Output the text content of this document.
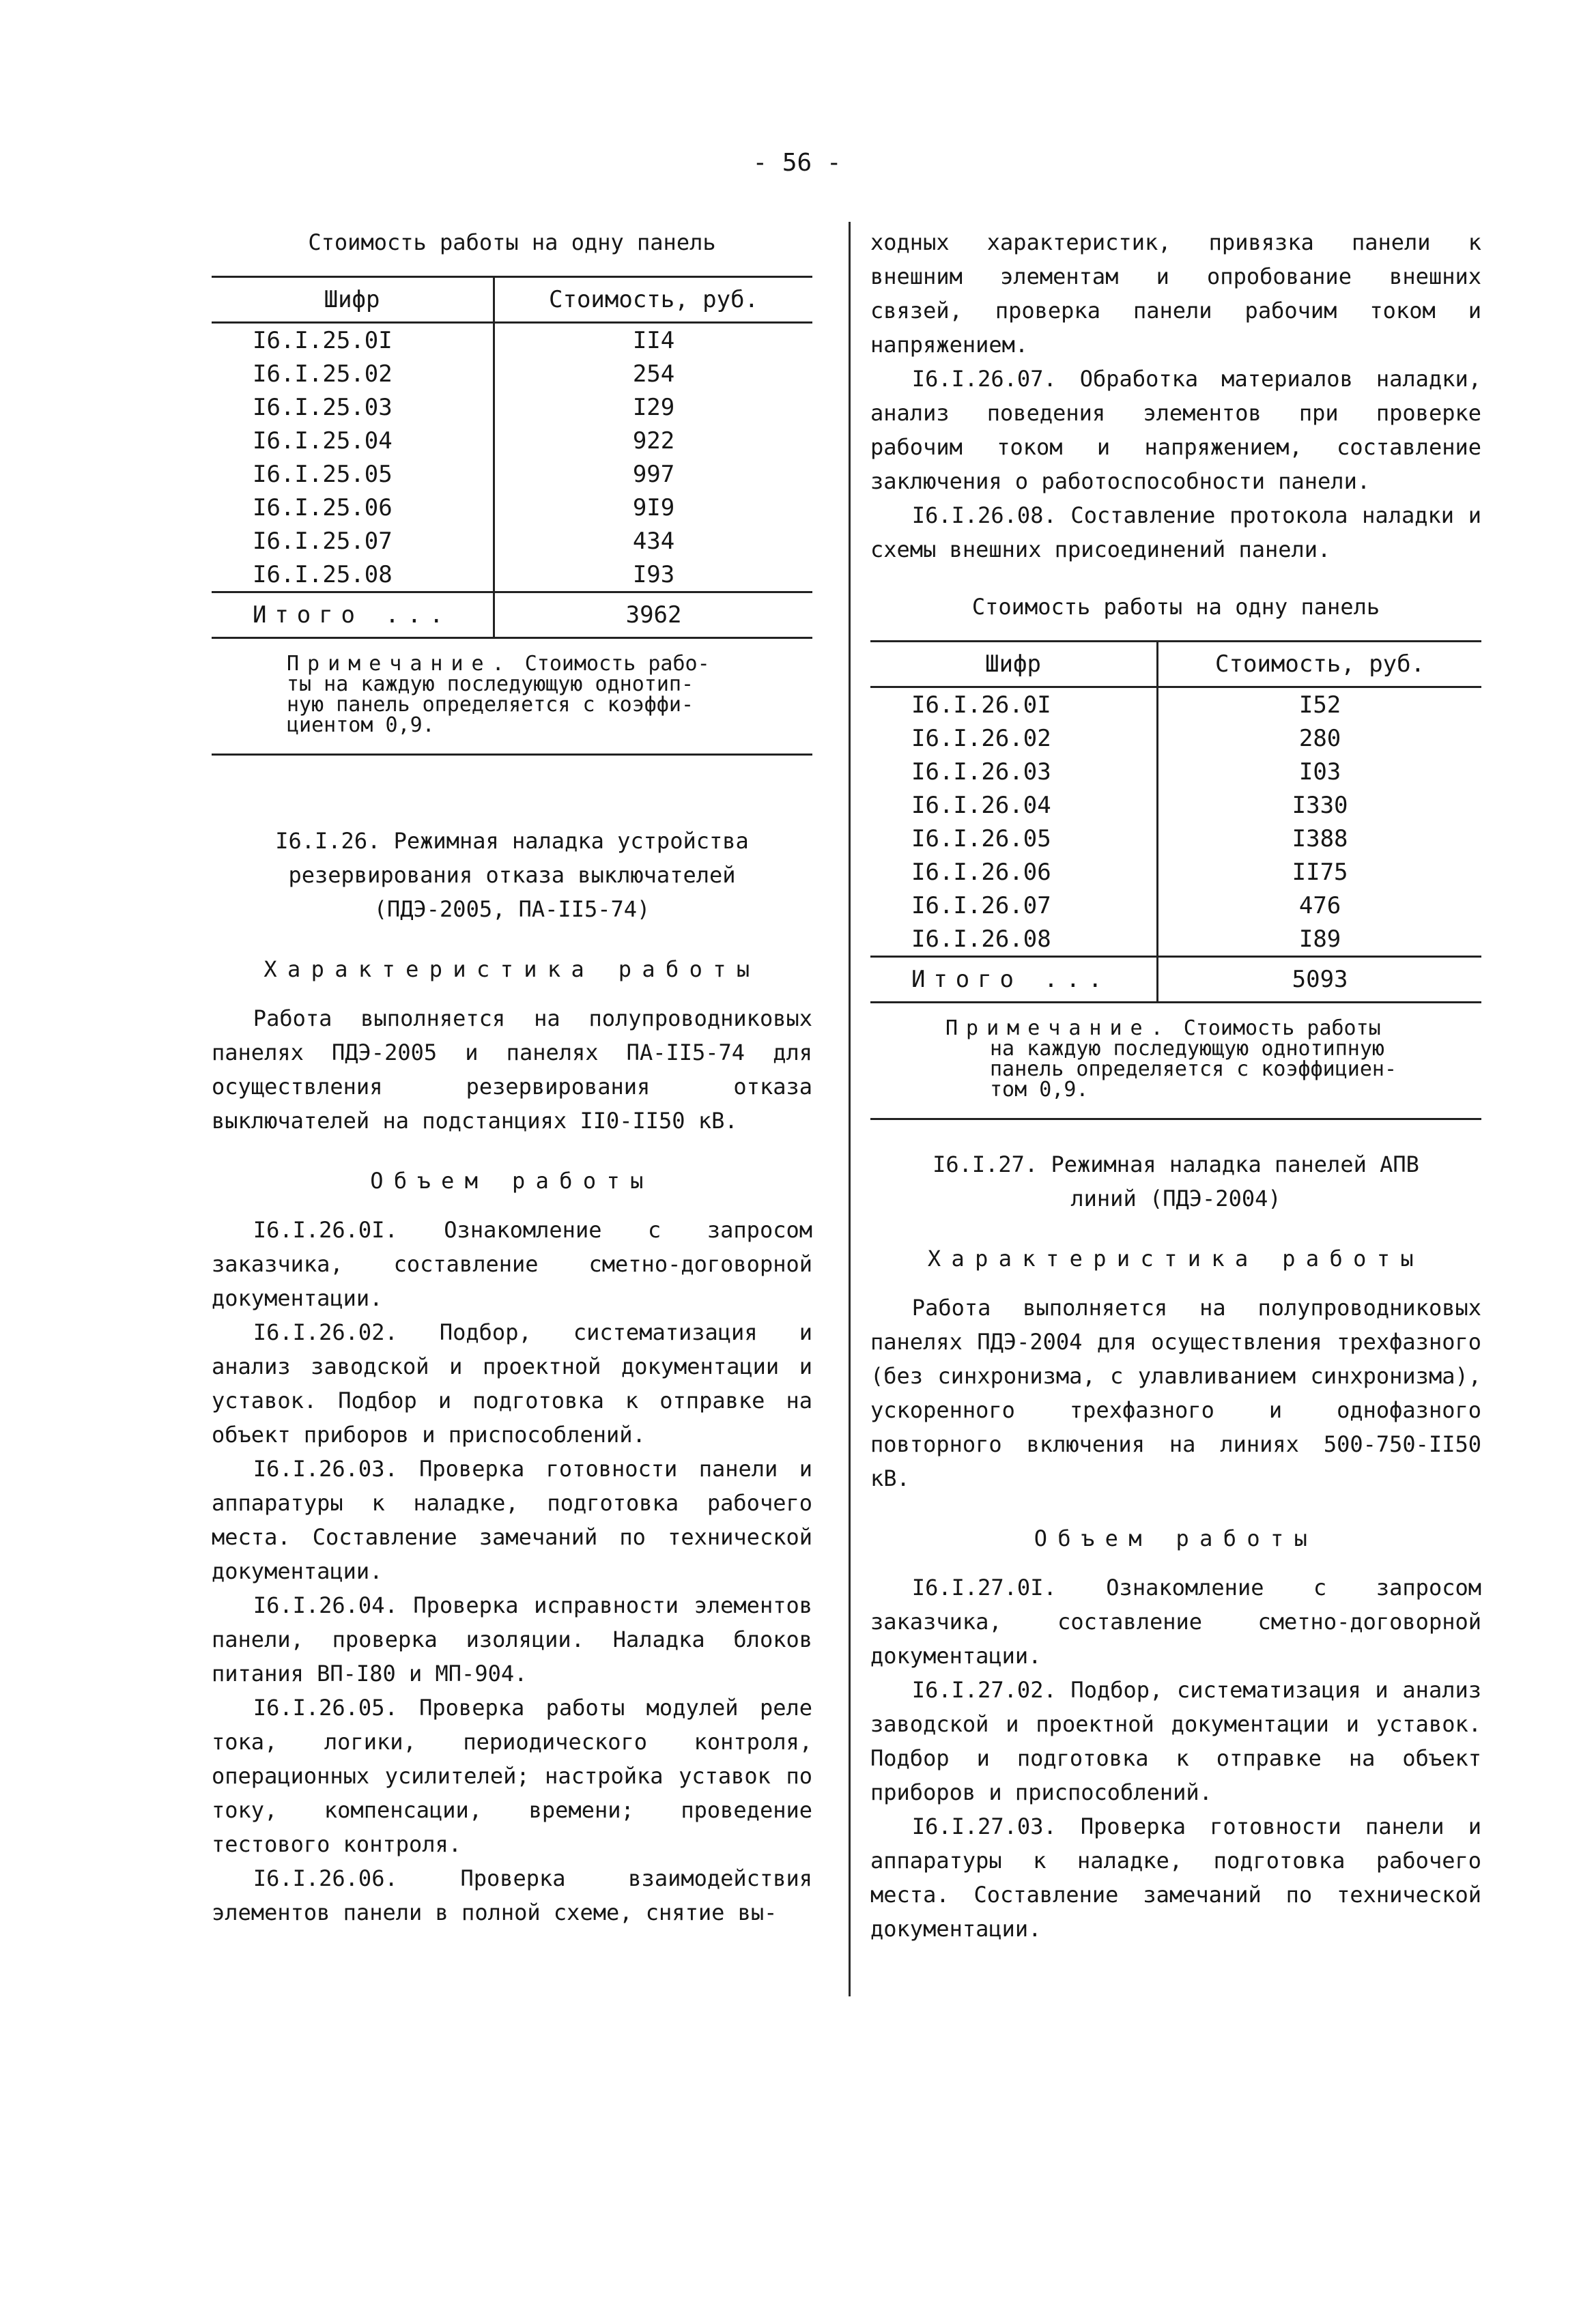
- 56 -
Стоимость работы на одну панель
Шифр	Стоимость, руб.
I6.I.25.0I	II4
I6.I.25.02	254
I6.I.25.03	I29
I6.I.25.04	922
I6.I.25.05	997
I6.I.25.06	9I9
I6.I.25.07	434
I6.I.25.08	I93
Итого ...	3962
Примечание. Стоимость рабо-
ты на каждую последующую однотип-
ную панель определяется с коэффи-
циентом 0,9.
I6.I.26. Режимная наладка устройства
резервирования отказа выключателей
(ПДЭ-2005, ПА-II5-74)
Характеристика работы

Работа выполняется на полупроводниковых панелях ПДЭ-2005 и панелях ПА-II5-74 для осуществления резервирования отказа выключателей на подстанциях II0-II50 кВ.

Объем работы

I6.I.26.0I. Ознакомление с запросом заказчика, составление сметно-договорной документации.

I6.I.26.02. Подбор, систематизация и анализ заводской и проектной документации и уставок. Подбор и подготовка к отправке на объект приборов и приспособлений.

I6.I.26.03. Проверка готовности панели и аппаратуры к наладке, подготовка рабочего места. Составление замечаний по технической документации.

I6.I.26.04. Проверка исправности элементов панели, проверка изоляции. Наладка блоков питания ВП-I80 и МП-904.

I6.I.26.05. Проверка работы модулей реле тока, логики, периодического контроля, операционных усилителей; настройка уставок по току, компенсации, времени; проведение тестового контроля.

I6.I.26.06. Проверка взаимодействия элементов панели в полной схеме, снятие вы-

ходных характеристик, привязка панели к внешним элементам и опробование внешних связей, проверка панели рабочим током и напряжением.

I6.I.26.07. Обработка материалов наладки, анализ поведения элементов при проверке рабочим током и напряжением, составление заключения о работоспособности панели.

I6.I.26.08. Составление протокола наладки и схемы внешних присоединений панели.

Стоимость работы на одну панель
Шифр	Стоимость, руб.
I6.I.26.0I	I52
I6.I.26.02	280
I6.I.26.03	I03
I6.I.26.04	I330
I6.I.26.05	I388
I6.I.26.06	II75
I6.I.26.07	476
I6.I.26.08	I89
Итого ...	5093
Примечание. Стоимость работы
на каждую последующую однотипную
панель определяется с коэффициен-
том 0,9.
I6.I.27. Режимная наладка панелей АПВ
линий (ПДЭ-2004)
Характеристика работы

Работа выполняется на полупроводниковых панелях ПДЭ-2004 для осуществления трехфазного (без синхронизма, с улавливанием синхронизма), ускоренного трехфазного и однофазного повторного включения на линиях 500-750-II50 кВ.

Объем работы

I6.I.27.0I. Ознакомление с запросом заказчика, составление сметно-договорной документации.

I6.I.27.02. Подбор, систематизация и анализ заводской и проектной документации и уставок. Подбор и подготовка к отправке на объект приборов и приспособлений.

I6.I.27.03. Проверка готовности панели и аппаратуры к наладке, подготовка рабочего места. Составление замечаний по технической документации.
